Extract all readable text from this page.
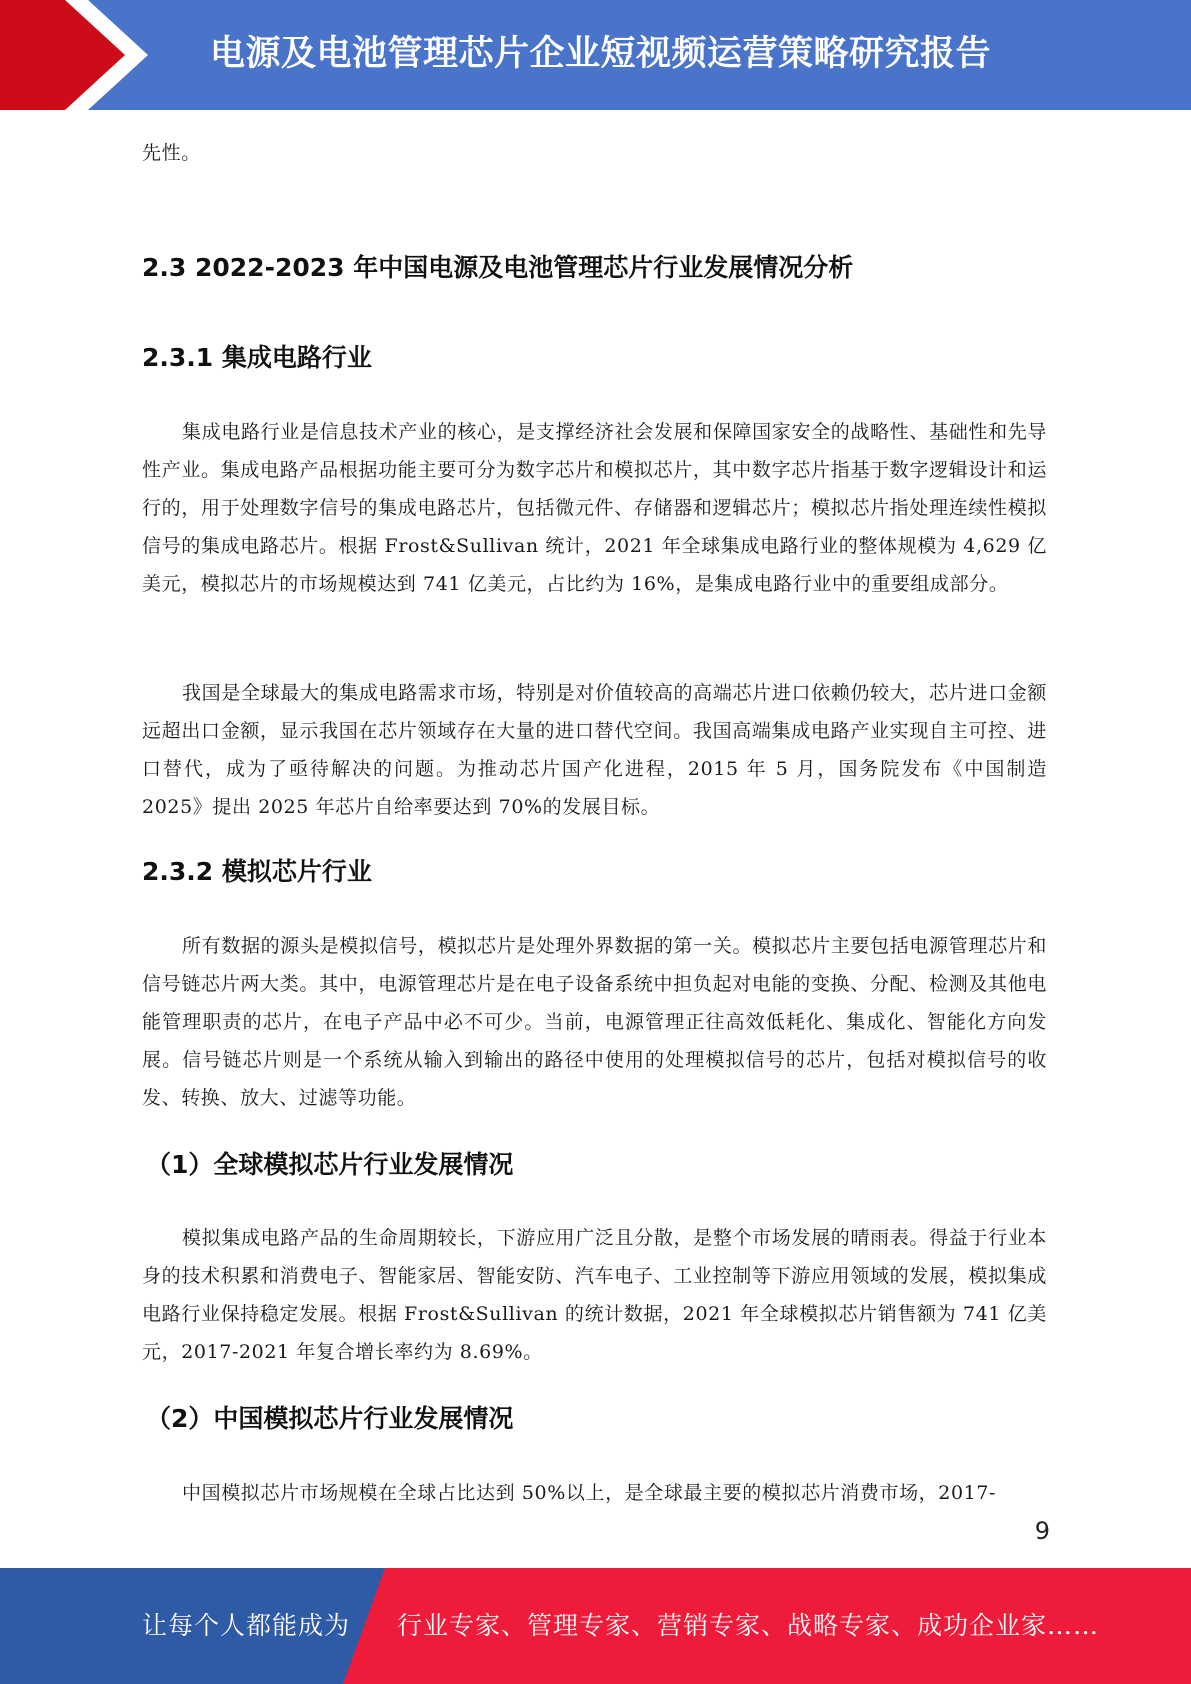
电源及电池管理芯片企业短视频运营策略研究报告

先性。

2.3 2022-2023 年中国电源及电池管理芯片行业发展情况分析
2.3.1 集成电路行业

集成电路行业是信息技术产业的核心，是支撑经济社会发展和保障国家安全的战略性、基础性和先导性产业。集成电路产品根据功能主要可分为数字芯片和模拟芯片，其中数字芯片指基于数字逻辑设计和运行的，用于处理数字信号的集成电路芯片，包括微元件、存储器和逻辑芯片；模拟芯片指处理连续性模拟信号的集成电路芯片。根据 Frost&Sullivan 统计，2021 年全球集成电路行业的整体规模为 4,629 亿美元，模拟芯片的市场规模达到 741 亿美元，占比约为 16%，是集成电路行业中的重要组成部分。

我国是全球最大的集成电路需求市场，特别是对价值较高的高端芯片进口依赖仍较大，芯片进口金额远超出口金额，显示我国在芯片领域存在大量的进口替代空间。我国高端集成电路产业实现自主可控、进口替代，成为了亟待解决的问题。为推动芯片国产化进程，2015 年 5 月，国务院发布《中国制造 2025》提出 2025 年芯片自给率要达到 70%的发展目标。

2.3.2 模拟芯片行业

所有数据的源头是模拟信号，模拟芯片是处理外界数据的第一关。模拟芯片主要包括电源管理芯片和信号链芯片两大类。其中，电源管理芯片是在电子设备系统中担负起对电能的变换、分配、检测及其他电能管理职责的芯片，在电子产品中必不可少。当前，电源管理正往高效低耗化、集成化、智能化方向发展。信号链芯片则是一个系统从输入到输出的路径中使用的处理模拟信号的芯片，包括对模拟信号的收发、转换、放大、过滤等功能。

（1）全球模拟芯片行业发展情况

模拟集成电路产品的生命周期较长，下游应用广泛且分散，是整个市场发展的晴雨表。得益于行业本身的技术积累和消费电子、智能家居、智能安防、汽车电子、工业控制等下游应用领域的发展，模拟集成电路行业保持稳定发展。根据 Frost&Sullivan 的统计数据，2021 年全球模拟芯片销售额为 741 亿美元，2017-2021 年复合增长率约为 8.69%。

（2）中国模拟芯片行业发展情况

中国模拟芯片市场规模在全球占比达到 50%以上，是全球最主要的模拟芯片消费市场，2017-

9
让每个人都能成为 行业专家、管理专家、营销专家、战略专家、成功企业家……
